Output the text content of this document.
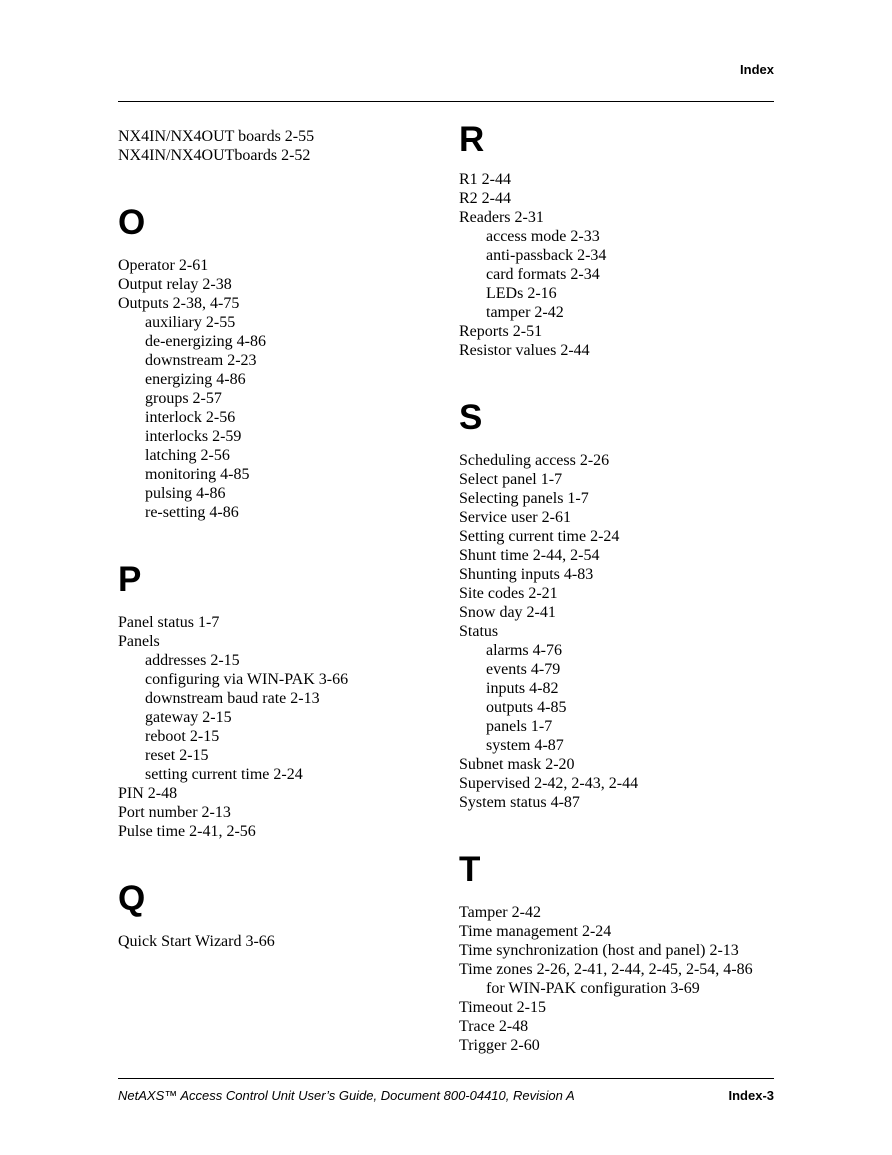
Index
NX4IN/NX4OUT boards 2-55
NX4IN/NX4OUTboards 2-52
O
Operator 2-61
Output relay 2-38
Outputs 2-38, 4-75
auxiliary 2-55
de-energizing 4-86
downstream 2-23
energizing 4-86
groups 2-57
interlock 2-56
interlocks 2-59
latching 2-56
monitoring 4-85
pulsing 4-86
re-setting 4-86
P
Panel status 1-7
Panels
addresses 2-15
configuring via WIN-PAK 3-66
downstream baud rate 2-13
gateway 2-15
reboot 2-15
reset 2-15
setting current time 2-24
PIN 2-48
Port number 2-13
Pulse time 2-41, 2-56
Q
Quick Start Wizard 3-66
R
R1 2-44
R2 2-44
Readers 2-31
access mode 2-33
anti-passback 2-34
card formats 2-34
LEDs 2-16
tamper 2-42
Reports 2-51
Resistor values 2-44
S
Scheduling access 2-26
Select panel 1-7
Selecting panels 1-7
Service user 2-61
Setting current time 2-24
Shunt time 2-44, 2-54
Shunting inputs 4-83
Site codes 2-21
Snow day 2-41
Status
alarms 4-76
events 4-79
inputs 4-82
outputs 4-85
panels 1-7
system 4-87
Subnet mask 2-20
Supervised 2-42, 2-43, 2-44
System status 4-87
T
Tamper 2-42
Time management 2-24
Time synchronization (host and panel) 2-13
Time zones 2-26, 2-41, 2-44, 2-45, 2-54, 4-86
for WIN-PAK configuration 3-69
Timeout 2-15
Trace 2-48
Trigger 2-60
NetAXS™ Access Control Unit User’s Guide, Document 800-04410, Revision A	Index-3
